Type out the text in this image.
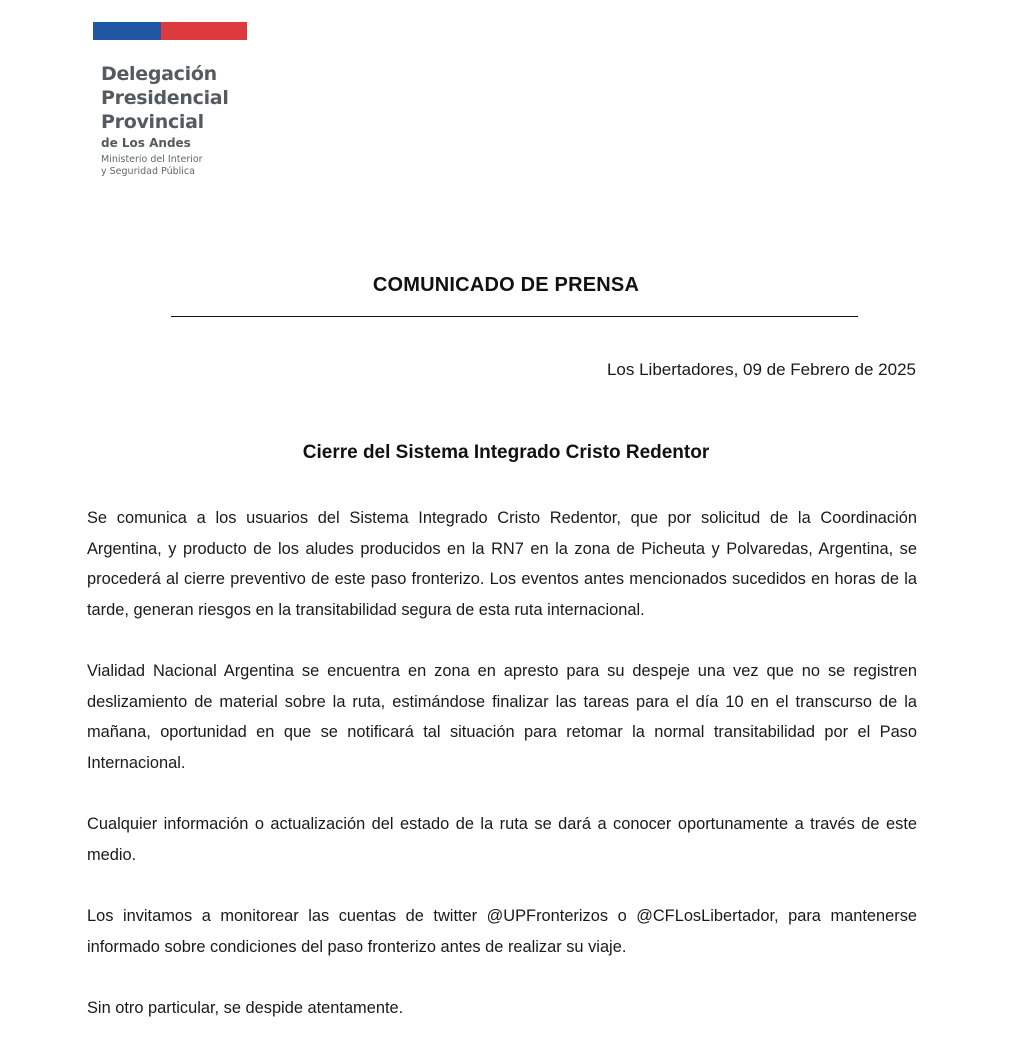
Delegación
Presidencial
Provincial
de Los Andes
Ministerio del Interior
y Seguridad Pública
COMUNICADO DE PRENSA
Los Libertadores, 09 de Febrero de 2025
Cierre del Sistema Integrado Cristo Redentor

Se comunica a los usuarios del Sistema Integrado Cristo Redentor, que por solicitud de la Coordinación Argentina, y producto de los aludes producidos en la RN7 en la zona de Picheuta y Polvaredas, Argentina, se procederá al cierre preventivo de este paso fronterizo. Los eventos antes mencionados sucedidos en horas de la tarde, generan riesgos en la transitabilidad segura de esta ruta internacional.

Vialidad Nacional Argentina se encuentra en zona en apresto para su despeje una vez que no se registren deslizamiento de material sobre la ruta, estimándose finalizar las tareas para el día 10 en el transcurso de la mañana, oportunidad en que se notificará tal situación para retomar la normal transitabilidad por el Paso Internacional.

Cualquier información o actualización del estado de la ruta se dará a conocer oportunamente a través de este medio.

Los invitamos a monitorear las cuentas de twitter @UPFronterizos o @CFLosLibertador, para mantenerse informado sobre condiciones del paso fronterizo antes de realizar su viaje.

Sin otro particular, se despide atentamente.
